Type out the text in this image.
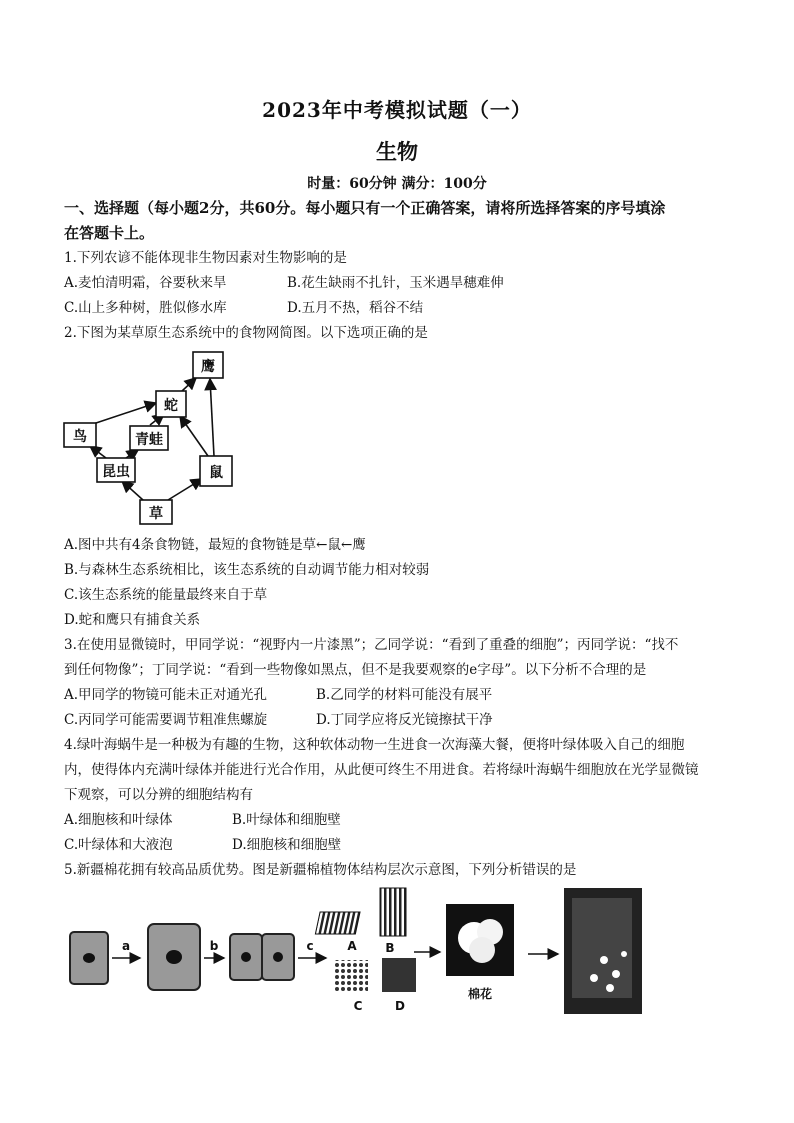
2023年中考模拟试题（一）
生物
时量：60分钟 满分：100分
一、选择题（每小题2分，共60分。每小题只有一个正确答案，请将所选择答案的序号填涂
在答题卡上。
1.下列农谚不能体现非生物因素对生物影响的是
A.麦怕清明霜，谷要秋来旱	B.花生缺雨不扎针，玉米遇旱穗难伸
C.山上多种树，胜似修水库	D.五月不热，稻谷不结
2.下图为某草原生态系统中的食物网简图。以下选项正确的是
鹰
蛇
鸟	青蛙
昆虫	鼠
草
A.图中共有4条食物链，最短的食物链是草←鼠←鹰
B.与森林生态系统相比，该生态系统的自动调节能力相对较弱
C.该生态系统的能量最终来自于草
D.蛇和鹰只有捕食关系
3.在使用显微镜时，甲同学说：“视野内一片漆黑”；乙同学说：“看到了重叠的细胞”；丙同学说：“找不
到任何物像”；丁同学说：“看到一些物像如黑点，但不是我要观察的e字母”。以下分析不合理的是
A.甲同学的物镜可能未正对通光孔	B.乙同学的材料可能没有展平
C.丙同学可能需要调节粗准焦螺旋	D.丁同学应将反光镜擦拭干净
4.绿叶海蜗牛是一种极为有趣的生物，这种软体动物一生进食一次海藻大餐，便将叶绿体吸入自己的细胞
内，使得体内充满叶绿体并能进行光合作用，从此便可终生不用进食。若将绿叶海蜗牛细胞放在光学显微镜
下观察，可以分辨的细胞结构有
A.细胞核和叶绿体	B.叶绿体和细胞壁
C.叶绿体和大液泡	D.细胞核和细胞壁
5.新疆棉花拥有较高品质优势。图是新疆棉植物体结构层次示意图，下列分析错误的是
a	b	c	A B
C	D
棉花
